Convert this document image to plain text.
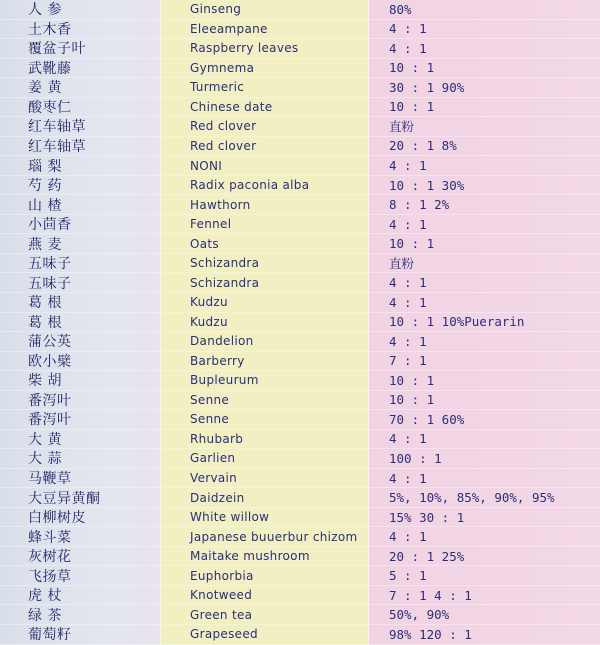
人 参	Ginseng	80%
土木香	Eleeampane	4 : 1
覆盆子叶	Raspberry leaves	4 : 1
武靴藤	Gymnema	10 : 1
姜 黄	Turmeric	30 : 1 90%
酸枣仁	Chinese date	10 : 1
红车轴草	Red clover	直粉
红车轴草	Red clover	20 : 1 8%
瑙 梨	NONI	4 : 1
芍 药	Radix paconia alba	10 : 1 30%
山 楂	Hawthorn	8 : 1 2%
小茴香	Fennel	4 : 1
燕 麦	Oats	10 : 1
五味子	Schizandra	直粉
五味子	Schizandra	4 : 1
葛 根	Kudzu	4 : 1
葛 根	Kudzu	10 : 1 10%Puerarin
蒲公英	Dandelion	4 : 1
欧小檗	Barberry	7 : 1
柴 胡	Bupleurum	10 : 1
番泻叶	Senne	10 : 1
番泻叶	Senne	70 : 1 60%
大 黄	Rhubarb	4 : 1
大 蒜	Garlien	100 : 1
马鞭草	Vervain	4 : 1
大豆异黄酮	Daidzein	5%, 10%, 85%, 90%, 95%
白柳树皮	White willow	15% 30 : 1
蜂斗菜	Japanese buuerbur chizom	4 : 1
灰树花	Maitake mushroom	20 : 1 25%
飞扬草	Euphorbia	5 : 1
虎 杖	Knotweed	7 : 1 4 : 1
绿 茶	Green tea	50%, 90%
葡萄籽	Grapeseed	98% 120 : 1
